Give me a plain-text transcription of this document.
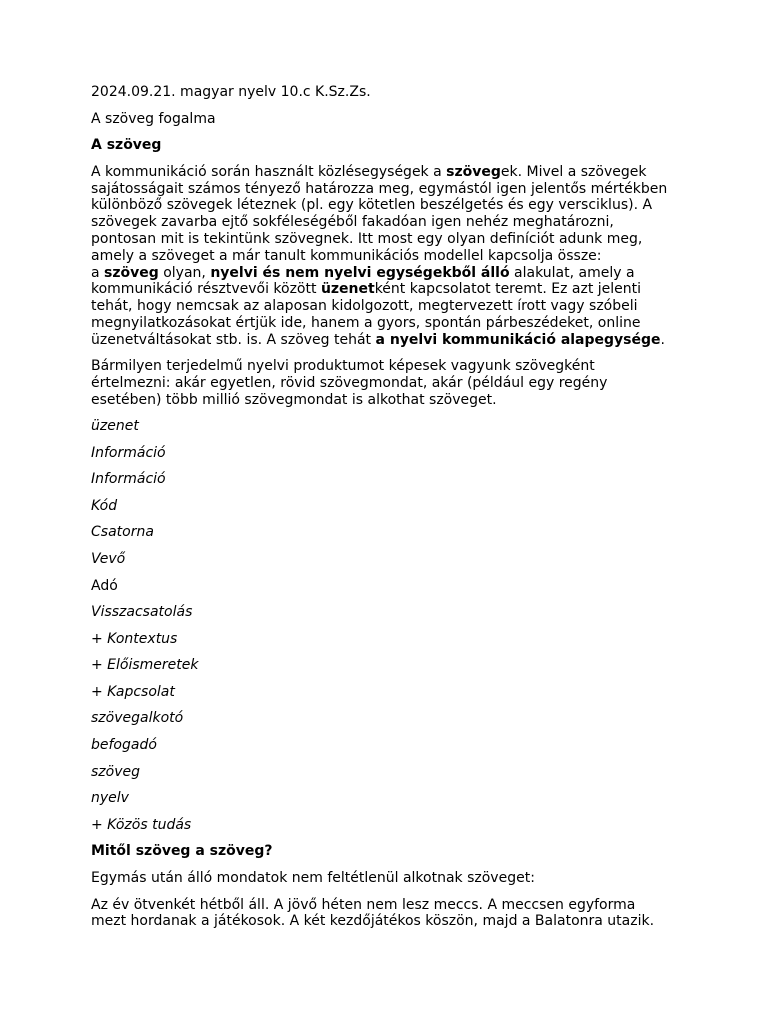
2024.09.21. magyar nyelv 10.c K.Sz.Zs.
A szöveg fogalma
A szöveg
A kommunikáció során használt közlésegységek a szövegek. Mivel a szövegek
sajátosságait számos tényező határozza meg, egymástól igen jelentős mértékben
különböző szövegek léteznek (pl. egy kötetlen beszélgetés és egy versciklus). A
szövegek zavarba ejtő sokféleségéből fakadóan igen nehéz meghatározni,
pontosan mit is tekintünk szövegnek. Itt most egy olyan definíciót adunk meg,
amely a szöveget a már tanult kommunikációs modellel kapcsolja össze:
a szöveg olyan, nyelvi és nem nyelvi egységekből álló alakulat, amely a
kommunikáció résztvevői között üzenetként kapcsolatot teremt. Ez azt jelenti
tehát, hogy nemcsak az alaposan kidolgozott, megtervezett írott vagy szóbeli
megnyilatkozásokat értjük ide, hanem a gyors, spontán párbeszédeket, online
üzenetváltásokat stb. is. A szöveg tehát a nyelvi kommunikáció alapegysége.
Bármilyen terjedelmű nyelvi produktumot képesek vagyunk szövegként
értelmezni: akár egyetlen, rövid szövegmondat, akár (például egy regény
esetében) több millió szövegmondat is alkothat szöveget.
üzenet
Információ
Információ
Kód
Csatorna
Vevő
Adó
Visszacsatolás
+ Kontextus
+ Előismeretek
+ Kapcsolat
szövegalkotó
befogadó
szöveg
nyelv
+ Közös tudás
Mitől szöveg a szöveg?
Egymás után álló mondatok nem feltétlenül alkotnak szöveget:
Az év ötvenkét hétből áll. A jövő héten nem lesz meccs. A meccsen egyforma
mezt hordanak a játékosok. A két kezdőjátékos köszön, majd a Balatonra utazik.
